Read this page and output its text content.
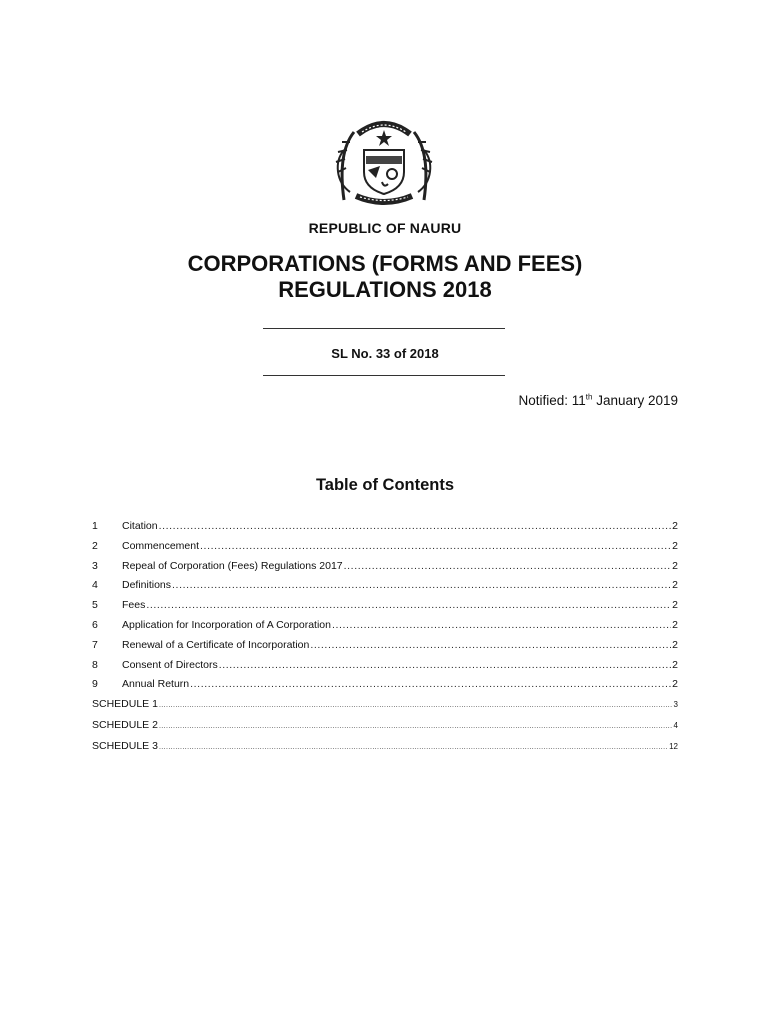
REPUBLIC OF NAURU
CORPORATIONS (FORMS AND FEES)
REGULATIONS 2018
SL No. 33 of 2018
Notified: 11th January 2019
Table of Contents
1	Citation .....	2
2	Commencement .....	2
3	Repeal of Corporation (Fees) Regulations 2017 .....	2
4	Definitions .....	2
5	Fees .....	2
6	Application for Incorporation of A Corporation .....	2
7	Renewal of a Certificate of Incorporation .....	2
8	Consent of Directors .....	2
9	Annual Return .....	2
SCHEDULE 1 .....	3
SCHEDULE 2 .....	4
SCHEDULE 3 .....	12
